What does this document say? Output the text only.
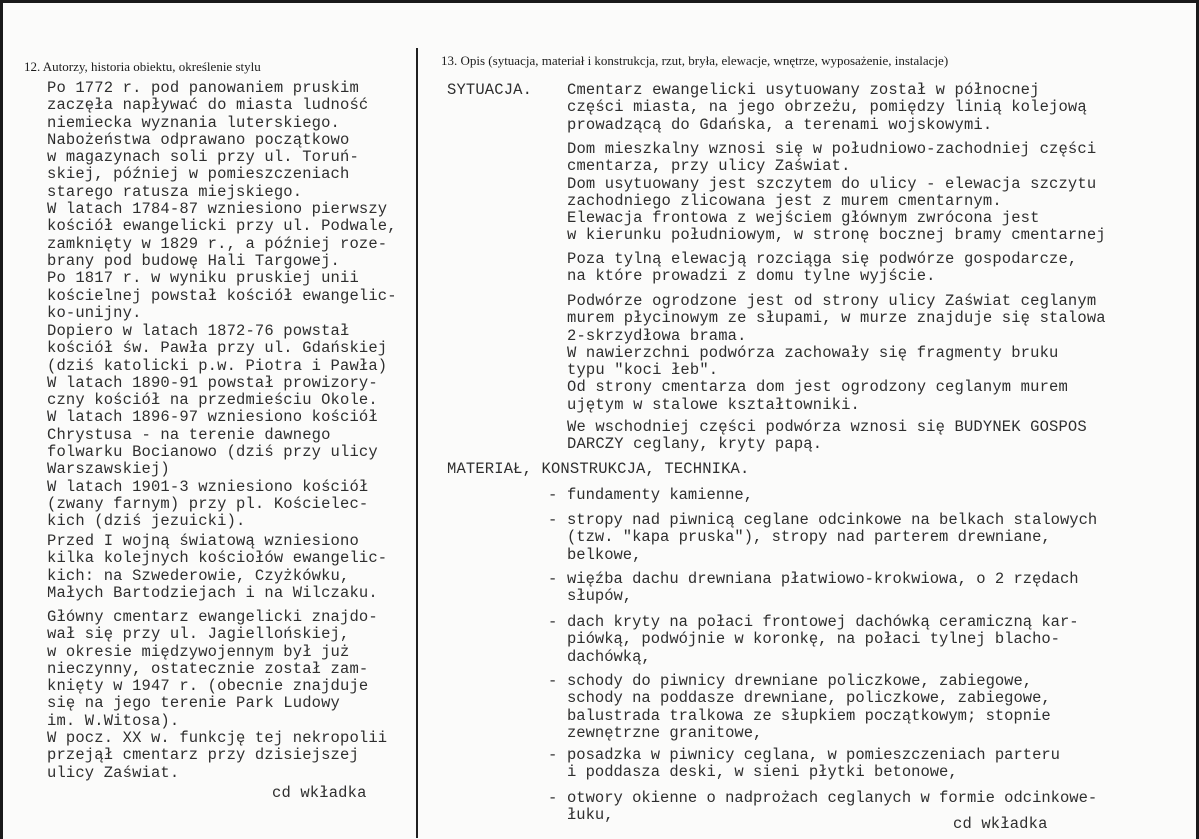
12. Autorzy, historia obiektu, określenie stylu	13. Opis (sytuacja, materiał i konstrukcja, rzut, bryła, elewacje, wnętrze, wyposażenie, instalacje)
Po 1772 r. pod panowaniem pruskim
zaczęła napływać do miasta ludność
niemiecka wyznania luterskiego.
Nabożeństwa odprawano początkowo
w magazynach soli przy ul. Toruń-
skiej, później w pomieszczeniach
starego ratusza miejskiego.
W latach 1784-87 wzniesiono pierwszy
kościół ewangelicki przy ul. Podwale,
zamknięty w 1829 r., a później roze-
brany pod budowę Hali Targowej.
Po 1817 r. w wyniku pruskiej unii
kościelnej powstał kościół ewangelic-
ko-unijny.
Dopiero w latach 1872-76 powstał
kościół św. Pawła przy ul. Gdańskiej
(dziś katolicki p.w. Piotra i Pawła)
W latach 1890-91 powstał prowizory-
czny kościół na przedmieściu Okole.
W latach 1896-97 wzniesiono kościół
Chrystusa - na terenie dawnego
folwarku Bocianowo (dziś przy ulicy
Warszawskiej)
W latach 1901-3 wzniesiono kościół
(zwany farnym) przy pl. Kościelec-
kich (dziś jezuicki).
Przed I wojną światową wzniesiono
kilka kolejnych kościołów ewangelic-
kich: na Szwederowie, Czyżkówku,
Małych Bartodziejach i na Wilczaku.
Główny cmentarz ewangelicki znajdo-
wał się przy ul. Jagiellońskiej,
w okresie międzywojennym był już
nieczynny, ostatecznie został zam-
knięty w 1947 r. (obecnie znajduje
się na jego terenie Park Ludowy
im. W.Witosa).
W pocz. XX w. funkcję tej nekropolii
przejął cmentarz przy dzisiejszej
ulicy Zaświat.
cd wkładka
SYTUACJA. Cmentarz ewangelicki usytuowany został w północnej
części miasta, na jego obrzeżu, pomiędzy linią kolejową
prowadzącą do Gdańska, a terenami wojskowymi.
Dom mieszkalny wznosi się w południowo-zachodniej części
cmentarza, przy ulicy Zaświat.
Dom usytuowany jest szczytem do ulicy - elewacja szczytu
zachodniego zlicowana jest z murem cmentarnym.
Elewacja frontowa z wejściem głównym zwrócona jest
w kierunku południowym, w stronę bocznej bramy cmentarnej
Poza tylną elewacją rozciąga się podwórze gospodarcze,
na które prowadzi z domu tylne wyjście.
Podwórze ogrodzone jest od strony ulicy Zaświat ceglanym
murem płycinowym ze słupami, w murze znajduje się stalowa
2-skrzydłowa brama.
W nawierzchni podwórza zachowały się fragmenty bruku
typu "koci łeb".
Od strony cmentarza dom jest ogrodzony ceglanym murem
ujętym w stalowe kształtowniki.
We wschodniej części podwórza wznosi się BUDYNEK GOSPOS
DARCZY ceglany, kryty papą.
MATERIAŁ, KONSTRUKCJA, TECHNIKA.
- fundamenty kamienne,
- stropy nad piwnicą ceglane odcinkowe na belkach stalowych
(tzw. "kapa pruska"), stropy nad parterem drewniane,
belkowe,
- więźba dachu drewniana płatwiowo-krokwiowa, o 2 rzędach
słupów,
- dach kryty na połaci frontowej dachówką ceramiczną kar-
piówką, podwójnie w koronkę, na połaci tylnej blacho-
dachówką,
- schody do piwnicy drewniane policzkowe, zabiegowe,
schody na poddasze drewniane, policzkowe, zabiegowe,
balustrada tralkowa ze słupkiem początkowym; stopnie
zewnętrzne granitowe,
- posadzka w piwnicy ceglana, w pomieszczeniach parteru
i poddasza deski, w sieni płytki betonowe,
- otwory okienne o nadprożach ceglanych w formie odcinkowe-
łuku,	cd wkładka
